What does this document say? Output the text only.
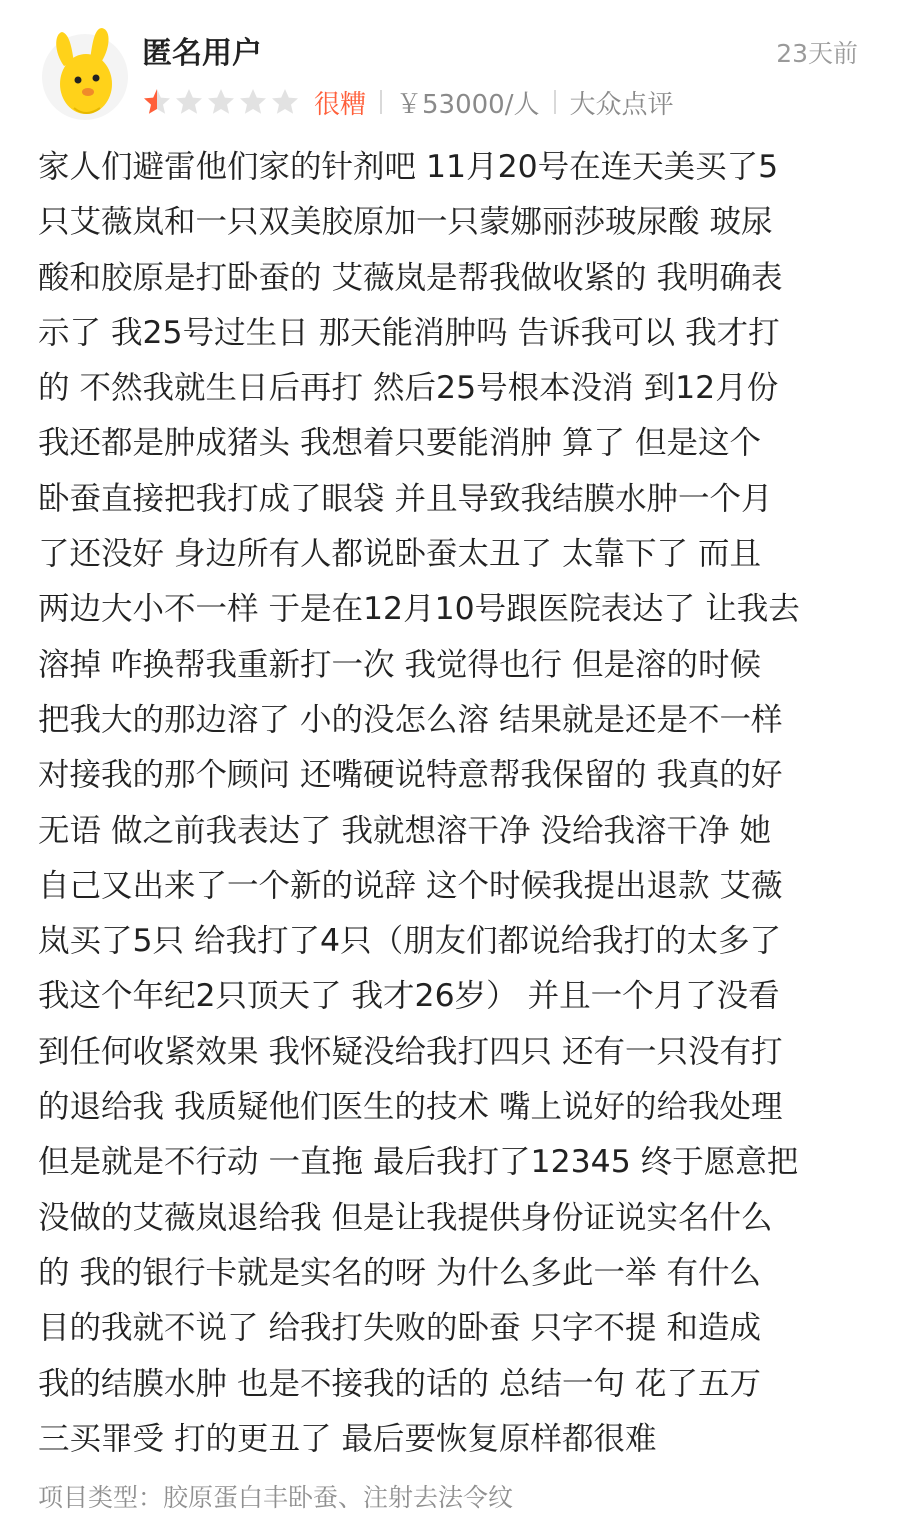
匿名用户	23天前
很糟 ￥53000/人 大众点评
家人们避雷他们家的针剂吧 11月20号在连天美买了5
只艾薇岚和一只双美胶原加一只蒙娜丽莎玻尿酸 玻尿
酸和胶原是打卧蚕的 艾薇岚是帮我做收紧的 我明确表
示了 我25号过生日 那天能消肿吗 告诉我可以 我才打
的 不然我就生日后再打 然后25号根本没消 到12月份
我还都是肿成猪头 我想着只要能消肿 算了 但是这个
卧蚕直接把我打成了眼袋 并且导致我结膜水肿一个月
了还没好 身边所有人都说卧蚕太丑了 太靠下了 而且
两边大小不一样 于是在12月10号跟医院表达了 让我去
溶掉 咋换帮我重新打一次 我觉得也行 但是溶的时候
把我大的那边溶了 小的没怎么溶 结果就是还是不一样
对接我的那个顾问 还嘴硬说特意帮我保留的 我真的好
无语 做之前我表达了 我就想溶干净 没给我溶干净 她
自己又出来了一个新的说辞 这个时候我提出退款 艾薇
岚买了5只 给我打了4只（朋友们都说给我打的太多了
我这个年纪2只顶天了 我才26岁） 并且一个月了没看
到任何收紧效果 我怀疑没给我打四只 还有一只没有打
的退给我 我质疑他们医生的技术 嘴上说好的给我处理
但是就是不行动 一直拖 最后我打了12345 终于愿意把
没做的艾薇岚退给我 但是让我提供身份证说实名什么
的 我的银行卡就是实名的呀 为什么多此一举 有什么
目的我就不说了 给我打失败的卧蚕 只字不提 和造成
我的结膜水肿 也是不接我的话的 总结一句 花了五万
三买罪受 打的更丑了 最后要恢复原样都很难
项目类型：胶原蛋白丰卧蚕、注射去法令纹
